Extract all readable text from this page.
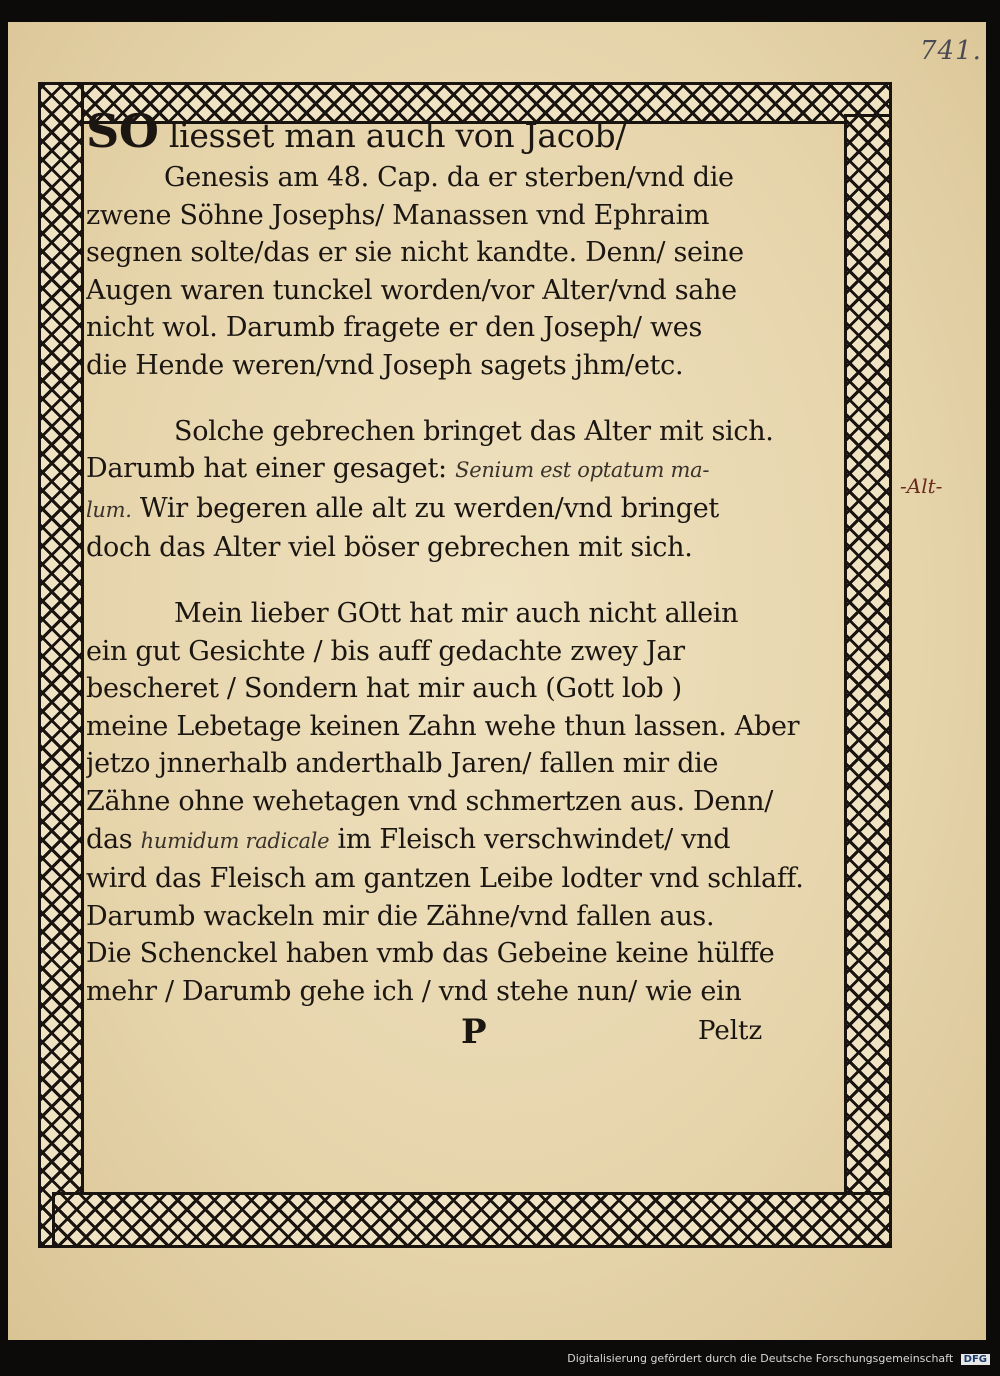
741.
SO liesset man auch von Jacob/
Genesis am 48. Cap. da er sterben/vnd die
zwene Söhne Josephs/ Manassen vnd Ephraim
segnen solte/das er sie nicht kandte. Denn/ seine
Augen waren tunckel worden/vor Alter/vnd sahe
nicht wol. Darumb fragete er den Joseph/ wes
die Hende weren/vnd Joseph sagets jhm/etc.
Solche gebrechen bringet das Alter mit sich.
Darumb hat einer gesaget: Senium est optatum ma-
lum. Wir begeren alle alt zu werden/vnd bringet
doch das Alter viel böser gebrechen mit sich.
Mein lieber GOtt hat mir auch nicht allein
ein gut Gesichte / bis auff gedachte zwey Jar
bescheret / Sondern hat mir auch (Gott lob )
meine Lebetage keinen Zahn wehe thun lassen. Aber
jetzo jnnerhalb anderthalb Jaren/ fallen mir die
Zähne ohne wehetagen vnd schmertzen aus. Denn/
das humidum radicale im Fleisch verschwindet/ vnd
wird das Fleisch am gantzen Leibe lodter vnd schlaff.
Darumb wackeln mir die Zähne/vnd fallen aus.
Die Schenckel haben vmb das Gebeine keine hülffe
mehr / Darumb gehe ich / vnd stehe nun/ wie ein
P	Peltz
-Alt-
Digitalisierung gefördert durch die Deutsche Forschungsgemeinschaft DFG
